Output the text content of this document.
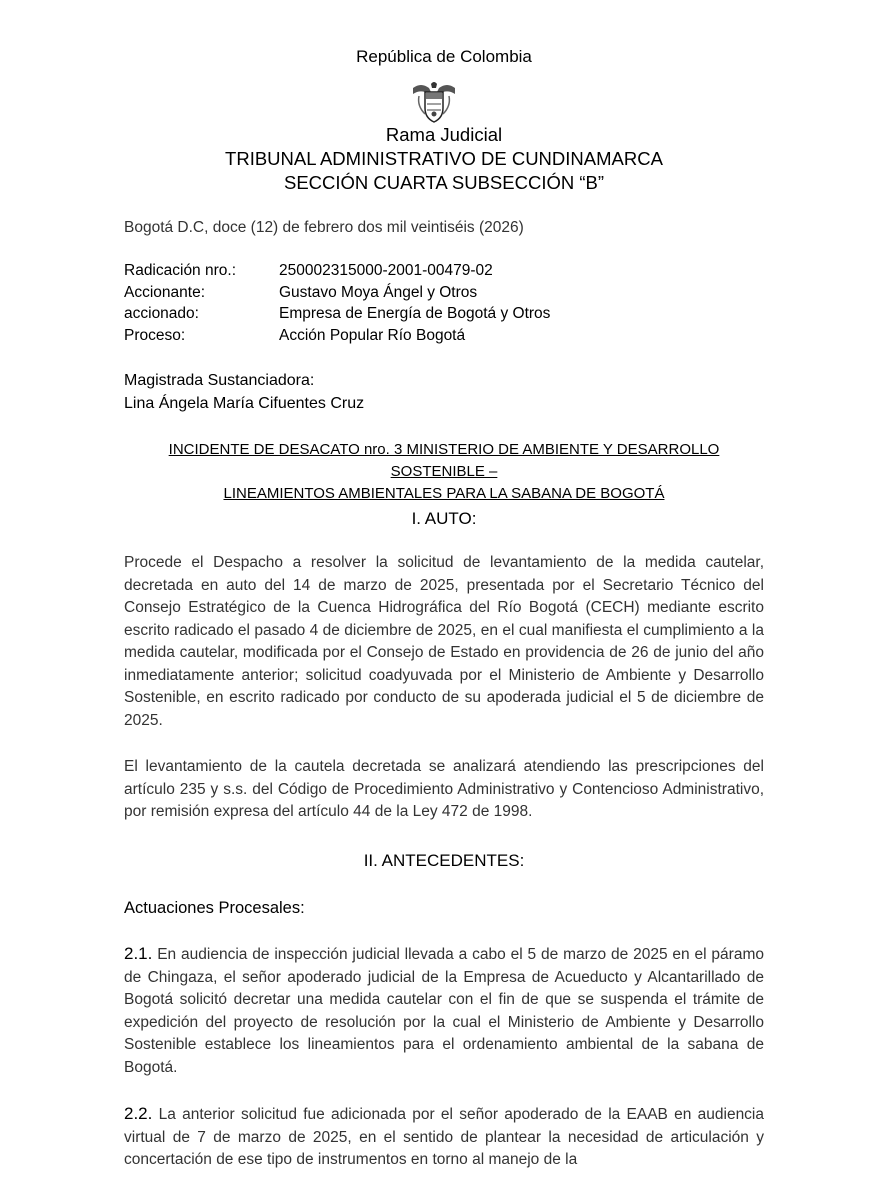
República de Colombia
Rama Judicial
TRIBUNAL ADMINISTRATIVO DE CUNDINAMARCA
SECCIÓN CUARTA SUBSECCIÓN “B”
Bogotá D.C, doce (12) de febrero dos mil veintiséis (2026)
Radicación nro.:	250002315000-2001-00479-02
Accionante:	Gustavo Moya Ángel y Otros
accionado:	Empresa de Energía de Bogotá y Otros
Proceso:	Acción Popular Río Bogotá
Magistrada Sustanciadora:
Lina Ángela María Cifuentes Cruz
INCIDENTE DE DESACATO nro. 3 MINISTERIO DE AMBIENTE Y DESARROLLO SOSTENIBLE –
LINEAMIENTOS AMBIENTALES PARA LA SABANA DE BOGOTÁ
I. AUTO:
Procede el Despacho a resolver la solicitud de levantamiento de la medida cautelar, decretada en auto del 14 de marzo de 2025, presentada por el Secretario Técnico del Consejo Estratégico de la Cuenca Hidrográfica del Río Bogotá (CECH) mediante escrito escrito radicado el pasado 4 de diciembre de 2025, en el cual manifiesta el cumplimiento a la medida cautelar, modificada por el Consejo de Estado en providencia de 26 de junio del año inmediatamente anterior; solicitud coadyuvada por el Ministerio de Ambiente y Desarrollo Sostenible, en escrito radicado por conducto de su apoderada judicial el 5 de diciembre de 2025.
El levantamiento de la cautela decretada se analizará atendiendo las prescripciones del artículo 235 y s.s. del Código de Procedimiento Administrativo y Contencioso Administrativo, por remisión expresa del artículo 44 de la Ley 472 de 1998.
II. ANTECEDENTES:
Actuaciones Procesales:
2.1. En audiencia de inspección judicial llevada a cabo el 5 de marzo de 2025 en el páramo de Chingaza, el señor apoderado judicial de la Empresa de Acueducto y Alcantarillado de Bogotá solicitó decretar una medida cautelar con el fin de que se suspenda el trámite de expedición del proyecto de resolución por la cual el Ministerio de Ambiente y Desarrollo Sostenible establece los lineamientos para el ordenamiento ambiental de la sabana de Bogotá.
2.2. La anterior solicitud fue adicionada por el señor apoderado de la EAAB en audiencia virtual de 7 de marzo de 2025, en el sentido de plantear la necesidad de articulación y concertación de ese tipo de instrumentos en torno al manejo de la
